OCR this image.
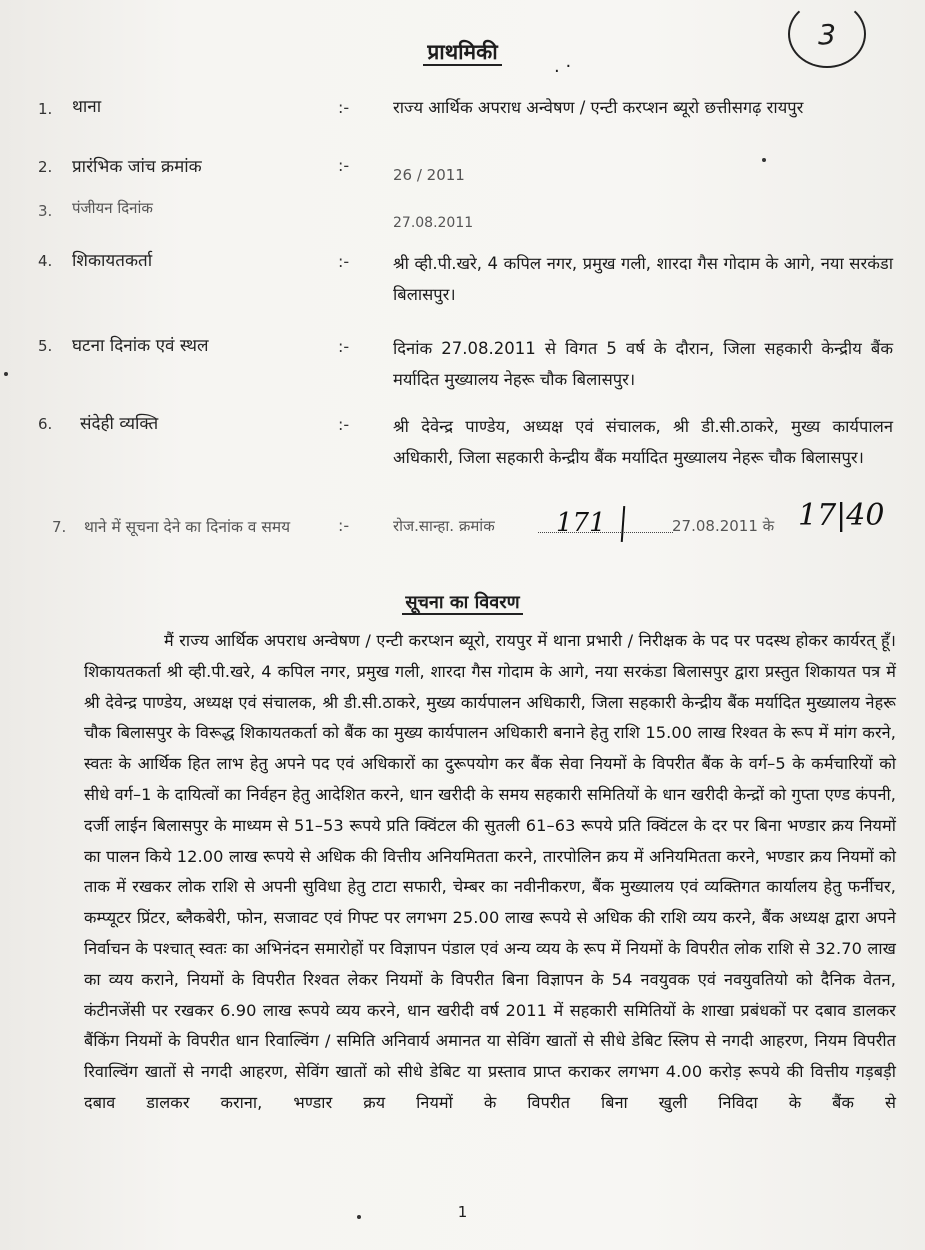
3
प्राथमिकी
. ·
1. थाना	:-	राज्य आर्थिक अपराध अन्वेषण / एन्टी करप्शन ब्यूरो छत्तीसगढ़ रायपुर
2. प्रारंभिक जांच क्रमांक	:-	26 / 2011
3. पंजीयन दिनांक
27.08.2011
4. शिकायतकर्ता	:-	श्री व्ही.पी.खरे, 4 कपिल नगर, प्रमुख गली, शारदा गैस गोदाम के आगे, नया सरकंडा बिलासपुर।
5. घटना दिनांक एवं स्थल	:-	दिनांक 27.08.2011 से विगत 5 वर्ष के दौरान, जिला सहकारी केन्द्रीय बैंक मर्यादित मुख्यालय नेहरू चौक बिलासपुर।
6. संदेही व्यक्ति	:-	श्री देवेन्द्र पाण्डेय, अध्यक्ष एवं संचालक, श्री डी.सी.ठाकरे, मुख्य कार्यपालन अधिकारी, जिला सहकारी केन्द्रीय बैंक मर्यादित मुख्यालय नेहरू चौक बिलासपुर।
7. थाने में सूचना देने का दिनांक व समय	:-	रोज.सान्हा. क्रमांक 171	27.08.2011 के 17|40
सूचना का विवरण
मैं राज्य आर्थिक अपराध अन्वेषण / एन्टी करप्शन ब्यूरो, रायपुर में थाना प्रभारी / निरीक्षक के पद पर पदस्थ होकर कार्यरत् हूँ। शिकायतकर्ता श्री व्ही.पी.खरे, 4 कपिल नगर, प्रमुख गली, शारदा गैस गोदाम के आगे, नया सरकंडा बिलासपुर द्वारा प्रस्तुत शिकायत पत्र में श्री देवेन्द्र पाण्डेय, अध्यक्ष एवं संचालक, श्री डी.सी.ठाकरे, मुख्य कार्यपालन अधिकारी, जिला सहकारी केन्द्रीय बैंक मर्यादित मुख्यालय नेहरू चौक बिलासपुर के विरूद्ध शिकायतकर्ता को बैंक का मुख्य कार्यपालन अधिकारी बनाने हेतु राशि 15.00 लाख रिश्वत के रूप में मांग करने, स्वतः के आर्थिक हित लाभ हेतु अपने पद एवं अधिकारों का दुरूपयोग कर बैंक सेवा नियमों के विपरीत बैंक के वर्ग–5 के कर्मचारियों को सीधे वर्ग–1 के दायित्वों का निर्वहन हेतु आदेशित करने, धान खरीदी के समय सहकारी समितियों के धान खरीदी केन्द्रों को गुप्ता एण्ड कंपनी, दर्जी लाईन बिलासपुर के माध्यम से 51–53 रूपये प्रति क्विंटल की सुतली 61–63 रूपये प्रति क्विंटल के दर पर बिना भण्डार क्रय नियमों का पालन किये 12.00 लाख रूपये से अधिक की वित्तीय अनियमितता करने, तारपोलिन क्रय में अनियमितता करने, भण्डार क्रय नियमों को ताक में रखकर लोक राशि से अपनी सुविधा हेतु टाटा सफारी, चेम्बर का नवीनीकरण, बैंक मुख्यालय एवं व्यक्तिगत कार्यालय हेतु फर्नीचर, कम्प्यूटर प्रिंटर, ब्लैकबेरी, फोन, सजावट एवं गिफ्ट पर लगभग 25.00 लाख रूपये से अधिक की राशि व्यय करने, बैंक अध्यक्ष द्वारा अपने निर्वाचन के पश्चात् स्वतः का अभिनंदन समारोहों पर विज्ञापन पंडाल एवं अन्य व्यय के रूप में नियमों के विपरीत लोक राशि से 32.70 लाख का व्यय कराने, नियमों के विपरीत रिश्वत लेकर नियमों के विपरीत बिना विज्ञापन के 54 नवयुवक एवं नवयुवतियो को दैनिक वेतन, कंटीनजेंसी पर रखकर 6.90 लाख रूपये व्यय करने, धान खरीदी वर्ष 2011 में सहकारी समितियों के शाखा प्रबंधकों पर दबाव डालकर बैंकिंग नियमों के विपरीत धान रिवाल्विंग / समिति अनिवार्य अमानत या सेविंग खातों से सीधे डेबिट स्लिप से नगदी आहरण, नियम विपरीत रिवाल्विंग खातों से नगदी आहरण, सेविंग खातों को सीधे डेबिट या प्रस्ताव प्राप्त कराकर लगभग 4.00 करोड़ रूपये की वित्तीय गड़बड़ी दबाव डालकर कराना, भण्डार क्रय नियमों के विपरीत बिना खुली निविदा के बैंक से
1
